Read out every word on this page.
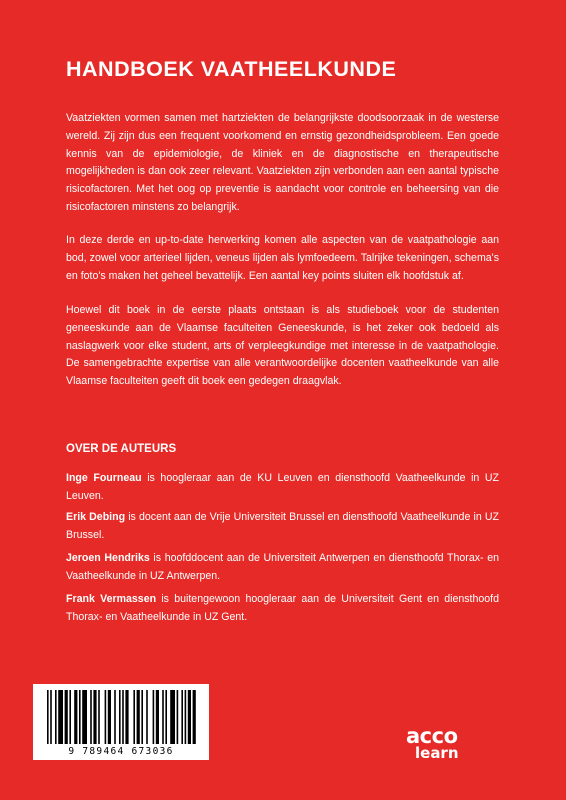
HANDBOEK VAATHEELKUNDE

Vaatziekten vormen samen met hartziekten de belangrijkste doodsoorzaak in de westerse wereld. Zij zijn dus een frequent voorkomend en ernstig gezondheidsprobleem. Een goede kennis van de epidemiologie, de kliniek en de diagnostische en therapeutische mogelijkheden is dan ook zeer relevant. Vaatziekten zijn verbonden aan een aantal typische risicofactoren. Met het oog op preventie is aandacht voor controle en beheersing van die risicofactoren minstens zo belangrijk.

In deze derde en up-to-date herwerking komen alle aspecten van de vaatpathologie aan bod, zowel voor arterieel lijden, veneus lijden als lymfoedeem. Talrijke tekeningen, schema's en foto's maken het geheel bevattelijk. Een aantal key points sluiten elk hoofdstuk af.

Hoewel dit boek in de eerste plaats ontstaan is als studieboek voor de studenten geneeskunde aan de Vlaamse faculteiten Geneeskunde, is het zeker ook bedoeld als naslagwerk voor elke student, arts of verpleegkundige met interesse in de vaatpathologie. De samengebrachte expertise van alle verantwoordelijke docenten vaatheelkunde van alle Vlaamse faculteiten geeft dit boek een gedegen draagvlak.

OVER DE AUTEURS

Inge Fourneau is hoogleraar aan de KU Leuven en diensthoofd Vaatheelkunde in UZ Leuven.

Erik Debing is docent aan de Vrije Universiteit Brussel en diensthoofd Vaatheelkunde in UZ Brussel.

Jeroen Hendriks is hoofddocent aan de Universiteit Antwerpen en diensthoofd Thorax- en Vaatheelkunde in UZ Antwerpen.

Frank Vermassen is buitengewoon hoogleraar aan de Universiteit Gent en diensthoofd Thorax- en Vaatheelkunde in UZ Gent.

9 789464 673036
acco
learn
